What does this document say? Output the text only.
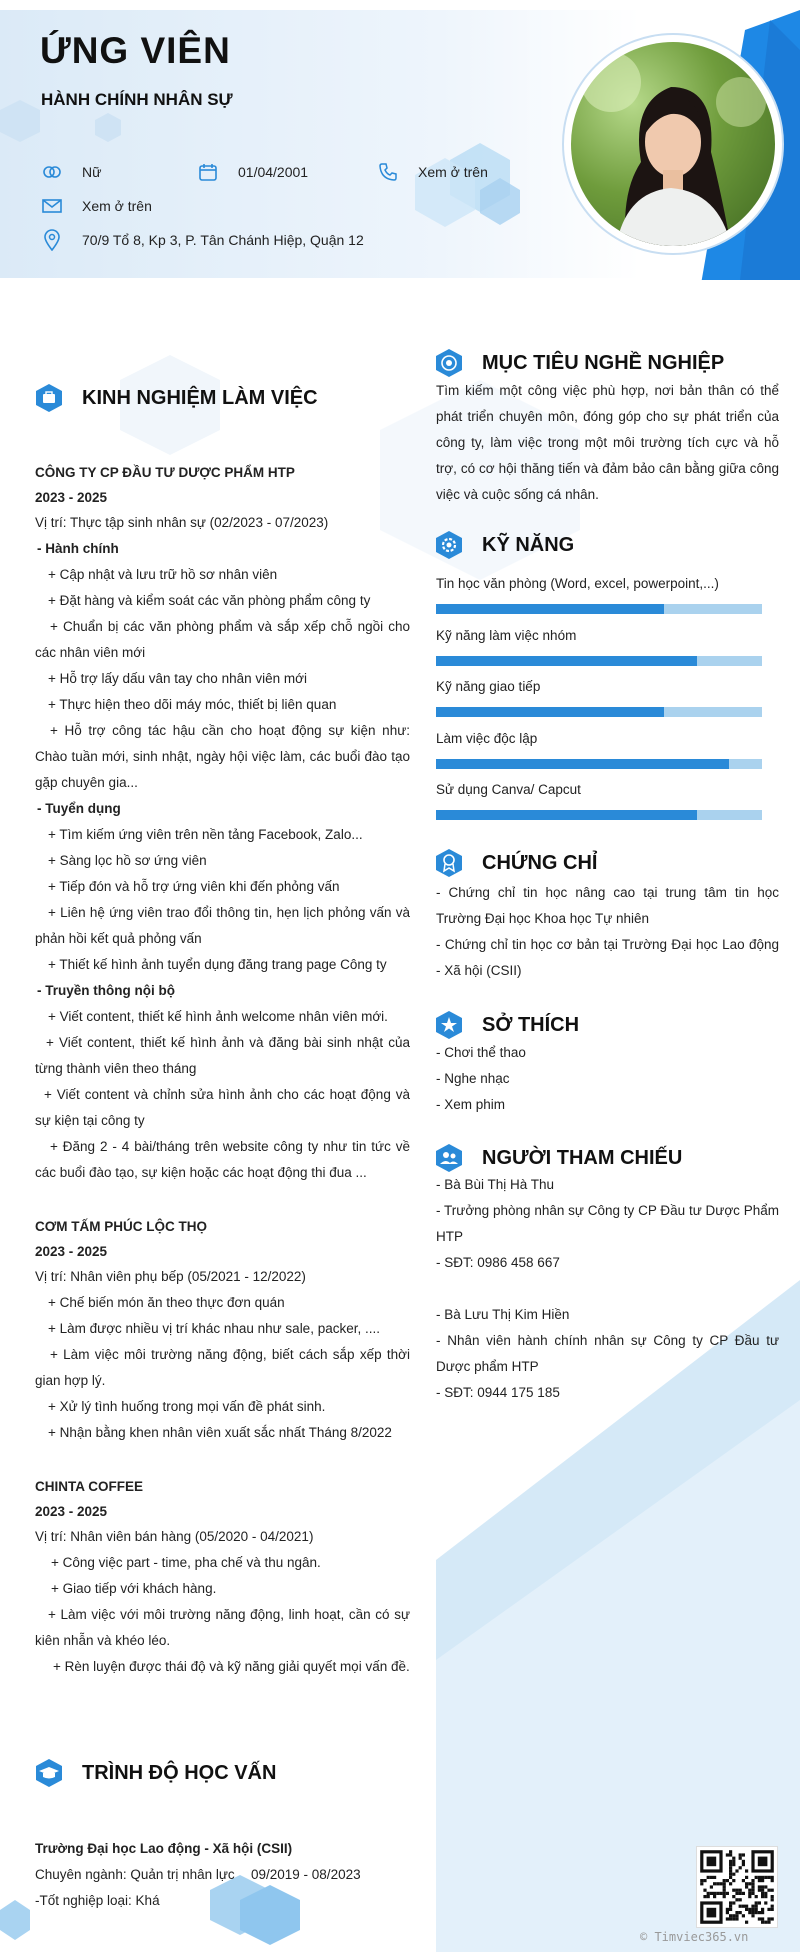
ỨNG VIÊN
HÀNH CHÍNH NHÂN SỰ
Nữ	01/04/2001	Xem ở trên
Xem ở trên
70/9 Tổ 8, Kp 3, P. Tân Chánh Hiệp, Quận 12
KINH NGHIỆM LÀM VIỆC
CÔNG TY CP ĐẦU TƯ DƯỢC PHẨM HTP
2023 - 2025
Vị trí: Thực tập sinh nhân sự (02/2023 - 07/2023)
- Hành chính
+ Cập nhật và lưu trữ hồ sơ nhân viên
+ Đặt hàng và kiểm soát các văn phòng phẩm công ty
+ Chuẩn bị các văn phòng phẩm và sắp xếp chỗ ngồi cho các nhân viên mới
+ Hỗ trợ lấy dấu vân tay cho nhân viên mới
+ Thực hiện theo dõi máy móc, thiết bị liên quan
+ Hỗ trợ công tác hậu cần cho hoạt động sự kiện như: Chào tuần mới, sinh nhật, ngày hội việc làm, các buổi đào tạo gặp chuyên gia...
- Tuyển dụng
+ Tìm kiếm ứng viên trên nền tảng Facebook, Zalo...
+ Sàng lọc hồ sơ ứng viên
+ Tiếp đón và hỗ trợ ứng viên khi đến phỏng vấn
+ Liên hệ ứng viên trao đổi thông tin, hẹn lịch phỏng vấn và phản hồi kết quả phỏng vấn
+ Thiết kế hình ảnh tuyển dụng đăng trang page Công ty
- Truyền thông nội bộ
+ Viết content, thiết kế hình ảnh welcome nhân viên mới.
+ Viết content, thiết kế hình ảnh và đăng bài sinh nhật của từng thành viên theo tháng
+ Viết content và chỉnh sửa hình ảnh cho các hoạt động và sự kiện tại công ty
+ Đăng 2 - 4 bài/tháng trên website công ty như tin tức về các buổi đào tạo, sự kiện hoặc các hoạt động thi đua ...
CƠM TẤM PHÚC LỘC THỌ
2023 - 2025
Vị trí: Nhân viên phụ bếp (05/2021 - 12/2022)
+ Chế biến món ăn theo thực đơn quán
+ Làm được nhiều vị trí khác nhau như sale, packer, ....
+ Làm việc môi trường năng động, biết cách sắp xếp thời gian hợp lý.
+ Xử lý tình huống trong mọi vấn đề phát sinh.
+ Nhận bằng khen nhân viên xuất sắc nhất Tháng 8/2022
CHINTA COFFEE
2023 - 2025
Vị trí: Nhân viên bán hàng (05/2020 - 04/2021)
+ Công việc part - time, pha chế và thu ngân.
+ Giao tiếp với khách hàng.
+ Làm việc với môi trường năng động, linh hoạt, cần có sự kiên nhẫn và khéo léo.
+ Rèn luyện được thái độ và kỹ năng giải quyết mọi vấn đề.
TRÌNH ĐỘ HỌC VẤN
Trường Đại học Lao động - Xã hội (CSII)
Chuyên ngành: Quản trị nhân lực 09/2019 - 08/2023
-Tốt nghiệp loại: Khá
MỤC TIÊU NGHỀ NGHIỆP
Tìm kiếm một công việc phù hợp, nơi bản thân có thể phát triển chuyên môn, đóng góp cho sự phát triển của công ty, làm việc trong một môi trường tích cực và hỗ trợ, có cơ hội thăng tiến và đảm bảo cân bằng giữa công việc và cuộc sống cá nhân.
KỸ NĂNG
Tin học văn phòng (Word, excel, powerpoint,...)
Kỹ năng làm việc nhóm
Kỹ năng giao tiếp
Làm việc độc lập
Sử dụng Canva/ Capcut
CHỨNG CHỈ
- Chứng chỉ tin học nâng cao tại trung tâm tin học Trường Đại học Khoa học Tự nhiên
- Chứng chỉ tin học cơ bản tại Trường Đại học Lao động - Xã hội (CSII)
SỞ THÍCH
- Chơi thể thao
- Nghe nhạc
- Xem phim
NGƯỜI THAM CHIẾU
- Bà Bùi Thị Hà Thu
- Trưởng phòng nhân sự Công ty CP Đầu tư Dược Phẩm HTP
- SĐT: 0986 458 667
- Bà Lưu Thị Kim Hiền
- Nhân viên hành chính nhân sự Công ty CP Đầu tư Dược phẩm HTP
- SĐT: 0944 175 185
© Timviec365.vn
